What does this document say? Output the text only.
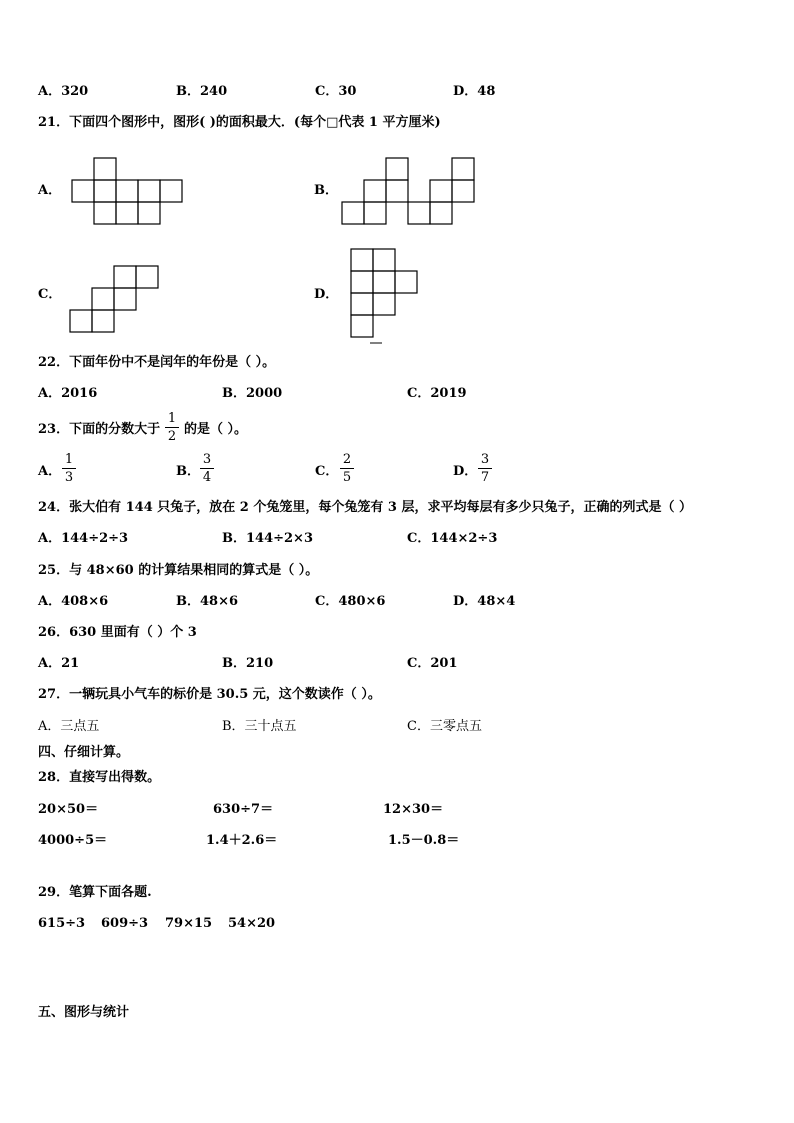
A．320	B．240	C．30	D．48
21．下面四个图形中，图形( )的面积最大．(每个□代表 1 平方厘米)
A．	B．
C．	D．
22．下面年份中不是闰年的年份是（ ）。
A．2016	B．2000	C．2019
23．下面的分数大于
1
2 的是（ ）。
A．
1
3	B．
3
4	C．
2
5	D．
3
7
24．张大伯有 144 只兔子，放在 2 个兔笼里，每个兔笼有 3 层，求平均每层有多少只兔子，正确的列式是（ ）
A．144÷2÷3	B．144÷2×3	C．144×2÷3
25．与 48×60 的计算结果相同的算式是（ ）。
A．408×6	B．48×6	C．480×6	D．48×4
26．630 里面有（ ）个 3
A．21	B．210	C．201
27．一辆玩具小气车的标价是 30.5 元，这个数读作（ ）。
A．三点五	B．三十点五	C．三零点五
四、仔细计算。
28．直接写出得数。
20×50＝	630÷7＝	12×30＝
4000÷5＝	1.4＋2.6＝	1.5－0.8＝
29．笔算下面各题.
615÷3 609÷3 79×15 54×20
五、图形与统计
